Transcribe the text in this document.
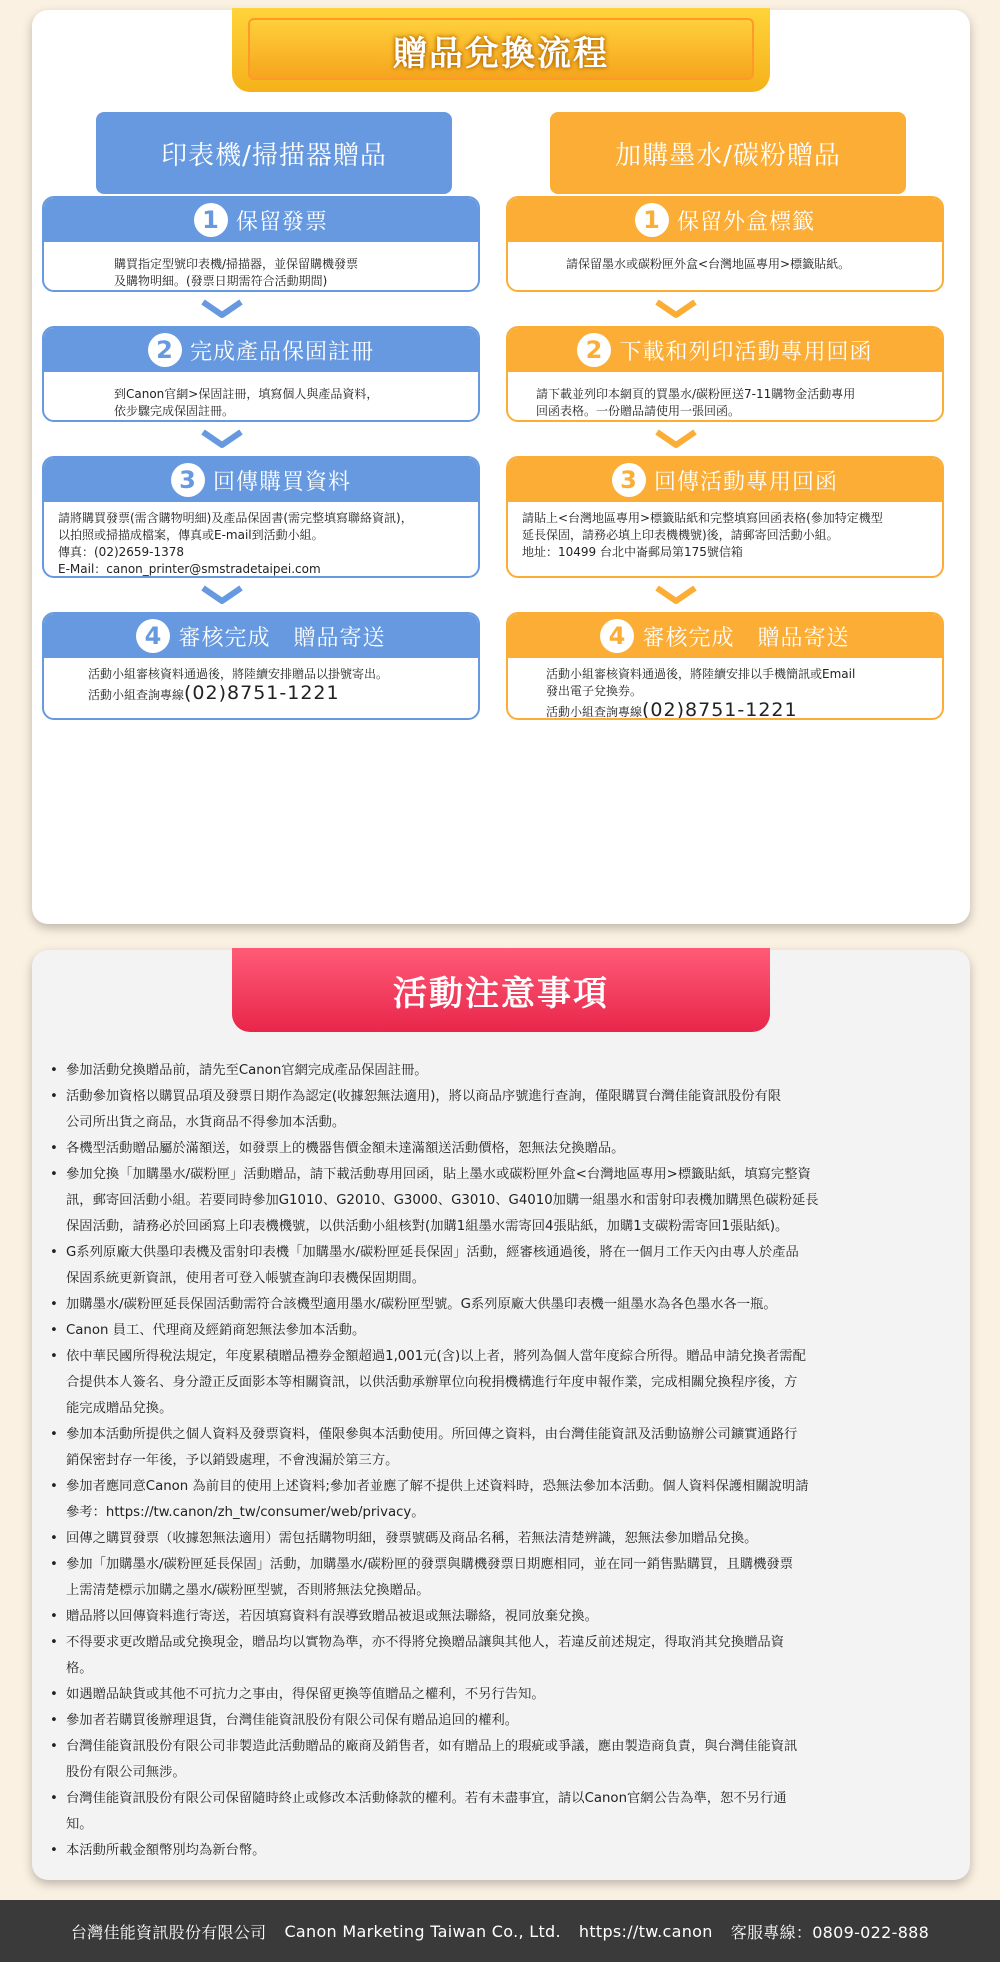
贈品兌換流程
印表機/掃描器贈品	加購墨水/碳粉贈品
1 保留發票
購買指定型號印表機/掃描器，並保留購機發票
及購物明細。(發票日期需符合活動期間)
2 完成產品保固註冊
到Canon官網>保固註冊，填寫個人與產品資料，
依步驟完成保固註冊。
3 回傳購買資料
請將購買發票(需含購物明細)及產品保固書(需完整填寫聯絡資訊)，
以拍照或掃描成檔案，傳真或E-mail到活動小組。
傳真：(02)2659-1378
E-Mail：canon_printer@smstradetaipei.com
4 審核完成　贈品寄送
活動小組審核資料通過後，將陸續安排贈品以掛號寄出。
活動小組查詢專線(02)8751-1221
1 保留外盒標籤
請保留墨水或碳粉匣外盒<台灣地區專用>標籤貼紙。
2 下載和列印活動專用回函
請下載並列印本網頁的買墨水/碳粉匣送7-11購物金活動專用
回函表格。一份贈品請使用一張回函。
3 回傳活動專用回函
請貼上<台灣地區專用>標籤貼紙和完整填寫回函表格(參加特定機型
延長保固，請務必填上印表機機號)後，請郵寄回活動小組。
地址：10499 台北中崙郵局第175號信箱
4 審核完成　贈品寄送
活動小組審核資料通過後，將陸續安排以手機簡訊或Email
發出電子兌換券。
活動小組查詢專線(02)8751-1221
活動注意事項
• 參加活動兌換贈品前，請先至Canon官網完成產品保固註冊。
• 活動參加資格以購買品項及發票日期作為認定(收據恕無法適用)，將以商品序號進行查詢，僅限購買台灣佳能資訊股份有限
公司所出貨之商品，水貨商品不得參加本活動。
• 各機型活動贈品屬於滿額送，如發票上的機器售價金額未達滿額送活動價格，恕無法兌換贈品。
• 參加兌換「加購墨水/碳粉匣」活動贈品，請下載活動專用回函，貼上墨水或碳粉匣外盒<台灣地區專用>標籤貼紙，填寫完整資
訊，郵寄回活動小組。若要同時參加G1010、G2010、G3000、G3010、G4010加購一組墨水和雷射印表機加購黑色碳粉延長
保固活動，請務必於回函寫上印表機機號，以供活動小組核對(加購1組墨水需寄回4張貼紙，加購1支碳粉需寄回1張貼紙)。
• G系列原廠大供墨印表機及雷射印表機「加購墨水/碳粉匣延長保固」活動，經審核通過後，將在一個月工作天內由專人於產品
保固系統更新資訊，使用者可登入帳號查詢印表機保固期間。
• 加購墨水/碳粉匣延長保固活動需符合該機型適用墨水/碳粉匣型號。G系列原廠大供墨印表機一組墨水為各色墨水各一瓶。
• Canon 員工、代理商及經銷商恕無法參加本活動。
• 依中華民國所得稅法規定，年度累積贈品禮券金額超過1,001元(含)以上者，將列為個人當年度綜合所得。贈品申請兌換者需配
合提供本人簽名、身分證正反面影本等相關資訊，以供活動承辦單位向稅捐機構進行年度申報作業，完成相關兌換程序後，方
能完成贈品兌換。
• 參加本活動所提供之個人資料及發票資料，僅限參與本活動使用。所回傳之資料，由台灣佳能資訊及活動協辦公司鑛實通路行
銷保密封存一年後，予以銷毀處理，不會洩漏於第三方。
• 參加者應同意Canon 為前目的使用上述資料;參加者並應了解不提供上述資料時，恐無法參加本活動。個人資料保護相關說明請
參考：https://tw.canon/zh_tw/consumer/web/privacy。
• 回傳之購買發票（收據恕無法適用）需包括購物明細，發票號碼及商品名稱，若無法清楚辨識，恕無法參加贈品兌換。
• 參加「加購墨水/碳粉匣延長保固」活動，加購墨水/碳粉匣的發票與購機發票日期應相同，並在同一銷售點購買，且購機發票
上需清楚標示加購之墨水/碳粉匣型號，否則將無法兌換贈品。
• 贈品將以回傳資料進行寄送，若因填寫資料有誤導致贈品被退或無法聯絡，視同放棄兌換。
• 不得要求更改贈品或兌換現金，贈品均以實物為準，亦不得將兌換贈品讓與其他人，若違反前述規定，得取消其兌換贈品資
格。
• 如遇贈品缺貨或其他不可抗力之事由，得保留更換等值贈品之權利，不另行告知。
• 參加者若購買後辦理退貨，台灣佳能資訊股份有限公司保有贈品追回的權利。
• 台灣佳能資訊股份有限公司非製造此活動贈品的廠商及銷售者，如有贈品上的瑕疵或爭議，應由製造商負責，與台灣佳能資訊
股份有限公司無涉。
• 台灣佳能資訊股份有限公司保留隨時終止或修改本活動條款的權利。若有未盡事宜，請以Canon官網公告為準，恕不另行通
知。
• 本活動所載金額幣別均為新台幣。
台灣佳能資訊股份有限公司 Canon Marketing Taiwan Co., Ltd. https://tw.canon 客服專線：0809-022-888
